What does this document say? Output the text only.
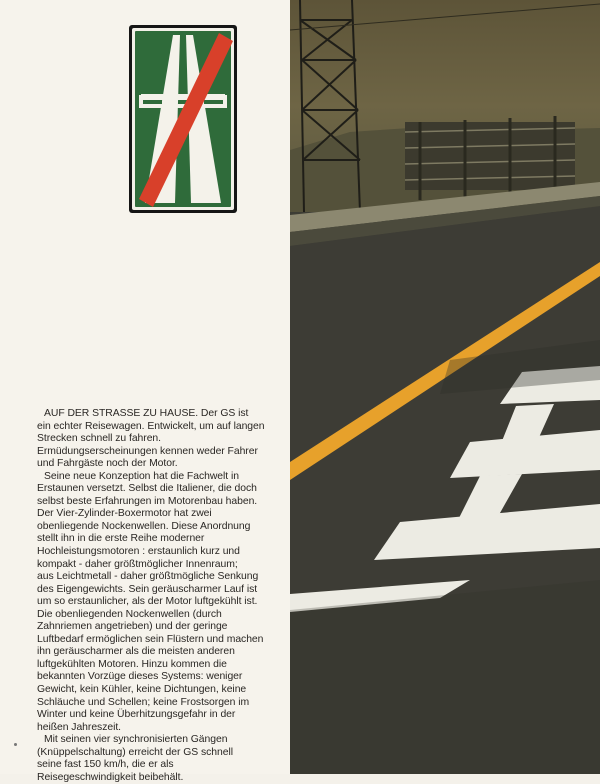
AUF DER STRASSE ZU HAUSE. Der GS ist
ein echter Reisewagen. Entwickelt, um auf langen
Strecken schnell zu fahren.
Ermüdungserscheinungen kennen weder Fahrer
und Fahrgäste noch der Motor.
Seine neue Konzeption hat die Fachwelt in
Erstaunen versetzt. Selbst die Italiener, die doch
selbst beste Erfahrungen im Motorenbau haben.
Der Vier-Zylinder-Boxermotor hat zwei
obenliegende Nockenwellen. Diese Anordnung
stellt ihn in die erste Reihe moderner
Hochleistungsmotoren : erstaunlich kurz und
kompakt - daher größtmöglicher Innenraum;
aus Leichtmetall - daher größtmögliche Senkung
des Eigengewichts. Sein geräuscharmer Lauf ist
um so erstaunlicher, als der Motor luftgekühlt ist.
Die obenliegenden Nockenwellen (durch
Zahnriemen angetrieben) und der geringe
Luftbedarf ermöglichen sein Flüstern und machen
ihn geräuscharmer als die meisten anderen
luftgekühlten Motoren. Hinzu kommen die
bekannten Vorzüge dieses Systems: weniger
Gewicht, kein Kühler, keine Dichtungen, keine
Schläuche und Schellen; keine Frostsorgen im
Winter und keine Überhitzungsgefahr in der
heißen Jahreszeit.
Mit seinen vier synchronisierten Gängen
(Knüppelschaltung) erreicht der GS schnell
seine fast 150 km/h, die er als
Reisegeschwindigkeit beibehält.
